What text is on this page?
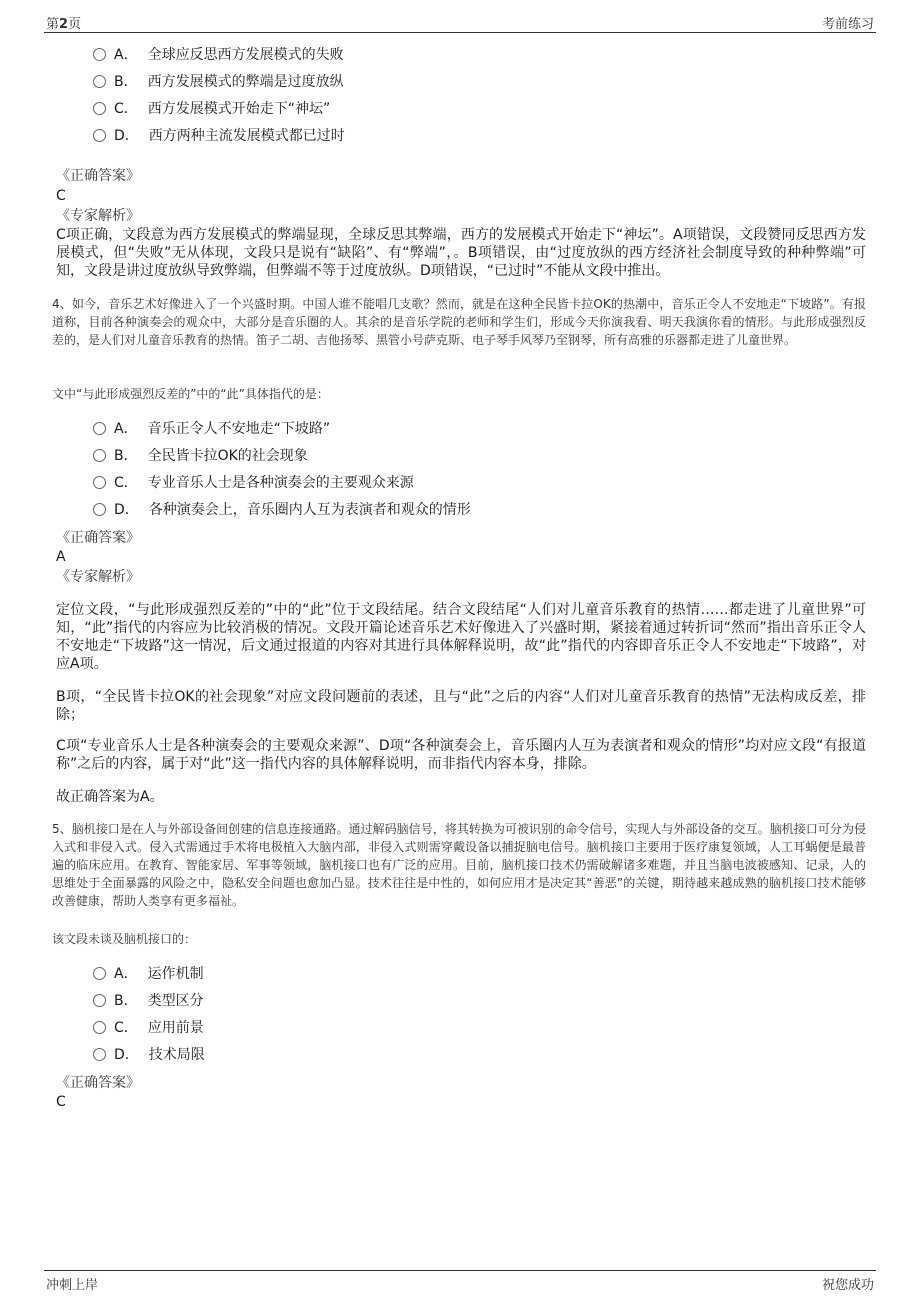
第2页	考前练习
A． 全球应反思西方发展模式的失败
B． 西方发展模式的弊端是过度放纵
C． 西方发展模式开始走下“神坛”
D． 西方两种主流发展模式都已过时
《正确答案》
C
《专家解析》
C项正确，文段意为西方发展模式的弊端显现，全球反思其弊端，西方的发展模式开始走下“神坛”。A项错误，文段赞同反思西方发展模式，但“失败”无从体现，文段只是说有“缺陷”、有“弊端”，。B项错误，由“过度放纵的西方经济社会制度导致的种种弊端”可知，文段是讲过度放纵导致弊端，但弊端不等于过度放纵。D项错误，“已过时”不能从文段中推出。
4、如今，音乐艺术好像进入了一个兴盛时期。中国人谁不能唱几支歌？然而，就是在这种全民皆卡拉OK的热潮中，音乐正令人不安地走“下坡路”。有报道称，目前各种演奏会的观众中，大部分是音乐圈的人。其余的是音乐学院的老师和学生们，形成今天你演我看、明天我演你看的情形。与此形成强烈反差的，是人们对儿童音乐教育的热情。笛子二胡、吉他扬琴、黑管小号萨克斯、电子琴手风琴乃至钢琴，所有高雅的乐器都走进了儿童世界。
文中“与此形成强烈反差的”中的“此”具体指代的是：
A． 音乐正令人不安地走“下坡路”
B． 全民皆卡拉OK的社会现象
C． 专业音乐人士是各种演奏会的主要观众来源
D． 各种演奏会上，音乐圈内人互为表演者和观众的情形
《正确答案》
A
《专家解析》
定位文段，“与此形成强烈反差的”中的“此”位于文段结尾。结合文段结尾“人们对儿童音乐教育的热情……都走进了儿童世界”可知，“此”指代的内容应为比较消极的情况。文段开篇论述音乐艺术好像进入了兴盛时期，紧接着通过转折词“然而”指出音乐正令人不安地走“下坡路”这一情况，后文通过报道的内容对其进行具体解释说明，故“此”指代的内容即音乐正令人不安地走“下坡路”，对应A项。
B项，“全民皆卡拉OK的社会现象”对应文段问题前的表述，且与“此”之后的内容“人们对儿童音乐教育的热情”无法构成反差，排除；
C项“专业音乐人士是各种演奏会的主要观众来源”、D项“各种演奏会上，音乐圈内人互为表演者和观众的情形”均对应文段“有报道称”之后的内容，属于对“此”这一指代内容的具体解释说明，而非指代内容本身，排除。
故正确答案为A。
5、脑机接口是在人与外部设备间创建的信息连接通路。通过解码脑信号，将其转换为可被识别的命令信号，实现人与外部设备的交互。脑机接口可分为侵入式和非侵入式。侵入式需通过手术将电极植入大脑内部，非侵入式则需穿戴设备以捕捉脑电信号。脑机接口主要用于医疗康复领域，人工耳蜗便是最普遍的临床应用。在教育、智能家居、军事等领域，脑机接口也有广泛的应用。目前，脑机接口技术仍需破解诸多难题，并且当脑电波被感知、记录，人的思维处于全面暴露的风险之中，隐私安全问题也愈加凸显。技术往往是中性的，如何应用才是决定其“善恶”的关键，期待越来越成熟的脑机接口技术能够改善健康，帮助人类享有更多福祉。
该文段未谈及脑机接口的：
A． 运作机制
B． 类型区分
C． 应用前景
D． 技术局限
《正确答案》
C
冲刺上岸	祝您成功
